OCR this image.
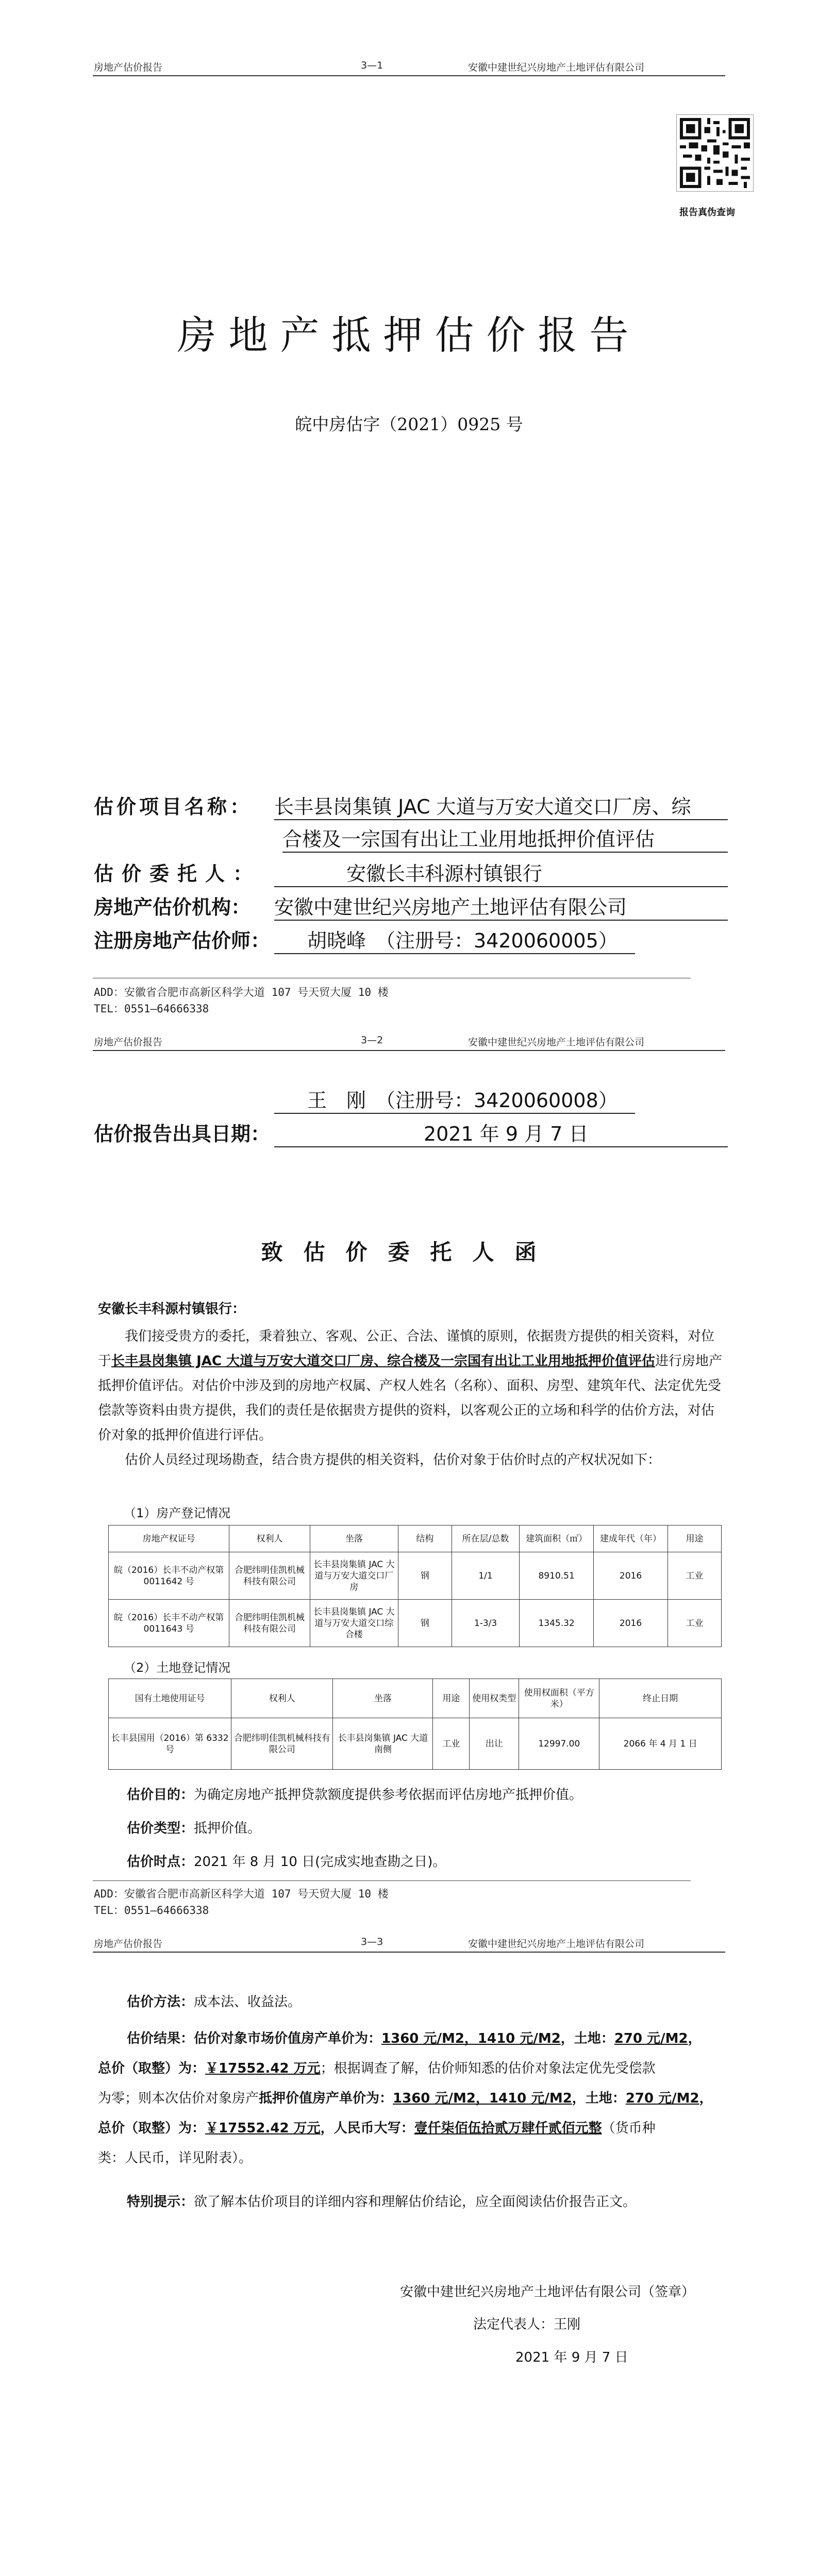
房地产估价报告	3—1	安徽中建世纪兴房地产土地评估有限公司
报告真伪查询
房地产抵押估价报告
皖中房估字（2021）0925 号
估价项目名称： 长丰县岗集镇 JAC 大道与万安大道交口厂房、综
合楼及一宗国有出让工业用地抵押价值评估
估价委托人：	安徽长丰科源村镇银行
房地产估价机构： 安徽中建世纪兴房地产土地评估有限公司
注册房地产估价师：	胡晓峰　（注册号：3420060005）
ADD：安徽省合肥市高新区科学大道 107 号天贸大厦 10 楼
TEL：0551—64666338
房地产估价报告	3—2	安徽中建世纪兴房地产土地评估有限公司
王　刚　（注册号：3420060008）
估价报告出具日期：	2021 年 9 月 7 日
致估价委托人函
安徽长丰科源村镇银行：
我们接受贵方的委托，秉着独立、客观、公正、合法、谨慎的原则，依据贵方提供的相关资料，对位于长丰县岗集镇 JAC 大道与万安大道交口厂房、综合楼及一宗国有出让工业用地抵押价值评估进行房地产抵押价值评估。对估价中涉及到的房地产权属、产权人姓名（名称）、面积、房型、建筑年代、法定优先受偿款等资料由贵方提供，我们的责任是依据贵方提供的资料，以客观公正的立场和科学的估价方法，对估价对象的抵押价值进行评估。
估价人员经过现场勘查，结合贵方提供的相关资料，估价对象于估价时点的产权状况如下：
（1）房产登记情况
房地产权证号	权利人	坐落	结构	所在层/总数	建筑面积（㎡）	建成年代（年）	用途
皖（2016）长丰不动产权第 0011642 号	合肥纬明佳凯机械科技有限公司	长丰县岗集镇 JAC 大道与万安大道交口厂房	钢	1/1	8910.51	2016	工业
皖（2016）长丰不动产权第 0011643 号	合肥纬明佳凯机械科技有限公司	长丰县岗集镇 JAC 大道与万安大道交口综合楼	钢	1-3/3	1345.32	2016	工业
（2）土地登记情况
国有土地使用证号	权利人	坐落	用途	使用权类型	使用权面积（平方米）	终止日期
长丰县国用（2016）第 6332 号	合肥纬明佳凯机械科技有限公司	长丰县岗集镇 JAC 大道南侧	工业	出让	12997.00	2066 年 4 月 1 日
估价目的：为确定房地产抵押贷款额度提供参考依据而评估房地产抵押价值。
估价类型：抵押价值。
估价时点：2021 年 8 月 10 日(完成实地查勘之日)。
ADD：安徽省合肥市高新区科学大道 107 号天贸大厦 10 楼
TEL：0551—64666338
房地产估价报告	3—3	安徽中建世纪兴房地产土地评估有限公司
估价方法：成本法、收益法。
估价结果：估价对象市场价值房产单价为：1360 元/M2，1410 元/M2，土地：270 元/M2，
总价（取整）为：￥17552.42 万元；根据调查了解，估价师知悉的估价对象法定优先受偿款
为零；则本次估价对象房产抵押价值房产单价为：1360 元/M2，1410 元/M2，土地：270 元/M2，
总价（取整）为：￥17552.42 万元，人民币大写：壹仟柒佰伍拾贰万肆仟贰佰元整（货币种
类：人民币，详见附表）。
特别提示：欲了解本估价项目的详细内容和理解估价结论，应全面阅读估价报告正文。
安徽中建世纪兴房地产土地评估有限公司（签章）
法定代表人：王刚
2021 年 9 月 7 日
